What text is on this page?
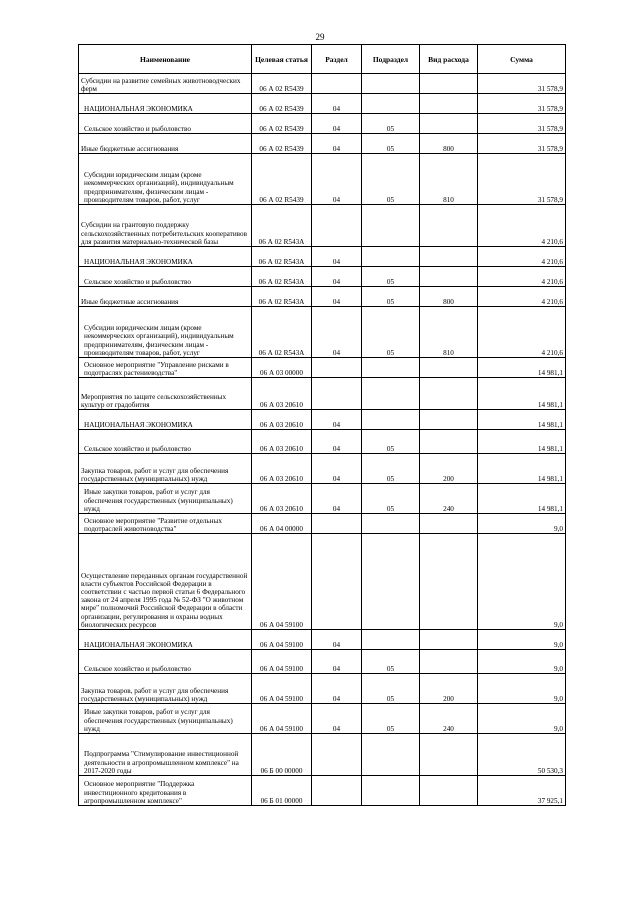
29
Наименование	Целевая статья	Раздел	Подраздел	Вид расхода	Сумма
Субсидии на развитие семейных животноводческих ферм	06 А 02 R5439				31 578,9
НАЦИОНАЛЬНАЯ ЭКОНОМИКА	06 А 02 R5439	04			31 578,9
Сельское хозяйство и рыболовство	06 А 02 R5439	04	05		31 578,9
Иные бюджетные ассигнования	06 А 02 R5439	04	05	800	31 578,9
Субсидии юридическим лицам (кроме некоммерческих организаций), индивидуальным предпринимателям, физическим лицам - производителям товаров, работ, услуг	06 А 02 R5439	04	05	810	31 578,9
Субсидии на грантовую поддержку сельскохозяйственных потребительских кооперативов для развития материально-технической базы	06 А 02 R543А				4 210,6
НАЦИОНАЛЬНАЯ ЭКОНОМИКА	06 А 02 R543А	04			4 210,6
Сельское хозяйство и рыболовство	06 А 02 R543А	04	05		4 210,6
Иные бюджетные ассигнования	06 А 02 R543А	04	05	800	4 210,6
Субсидии юридическим лицам (кроме некоммерческих организаций), индивидуальным предпринимателям, физическим лицам - производителям товаров, работ, услуг	06 А 02 R543А	04	05	810	4 210,6
Основное мероприятие "Управление рисками в подотраслях растениеводства"	06 А 03 00000				14 981,1
Мероприятия по защите сельскохозяйственных культур от градобития	06 А 03 20610				14 981,1
НАЦИОНАЛЬНАЯ ЭКОНОМИКА	06 А 03 20610	04			14 981,1
Сельское хозяйство и рыболовство	06 А 03 20610	04	05		14 981,1
Закупка товаров, работ и услуг для обеспечения государственных (муниципальных) нужд	06 А 03 20610	04	05	200	14 981,1
Иные закупки товаров, работ и услуг для обеспечения государственных (муниципальных) нужд	06 А 03 20610	04	05	240	14 981,1
Основное мероприятие "Развитие отдельных подотраслей животноводства"	06 А 04 00000				9,0
Осуществление переданных органам государственной власти субъектов Российской Федерации в соответствии с частью первой статьи 6 Федерального закона от 24 апреля 1995 года № 52-ФЗ "О животном мире" полномочий Российской Федерации в области организации, регулирования и охраны водных биологических ресурсов	06 А 04 59100				9,0
НАЦИОНАЛЬНАЯ ЭКОНОМИКА	06 А 04 59100	04			9,0
Сельское хозяйство и рыболовство	06 А 04 59100	04	05		9,0
Закупка товаров, работ и услуг для обеспечения государственных (муниципальных) нужд	06 А 04 59100	04	05	200	9,0
Иные закупки товаров, работ и услуг для обеспечения государственных (муниципальных) нужд	06 А 04 59100	04	05	240	9,0
Подпрограмма "Стимулирование инвестиционной деятельности в агропромышленном комплексе" на 2017-2020 годы	06 Б 00 00000				50 530,3
Основное мероприятие "Поддержка инвестиционного кредитования в агропромышленном комплексе"	06 Б 01 00000				37 925,1
